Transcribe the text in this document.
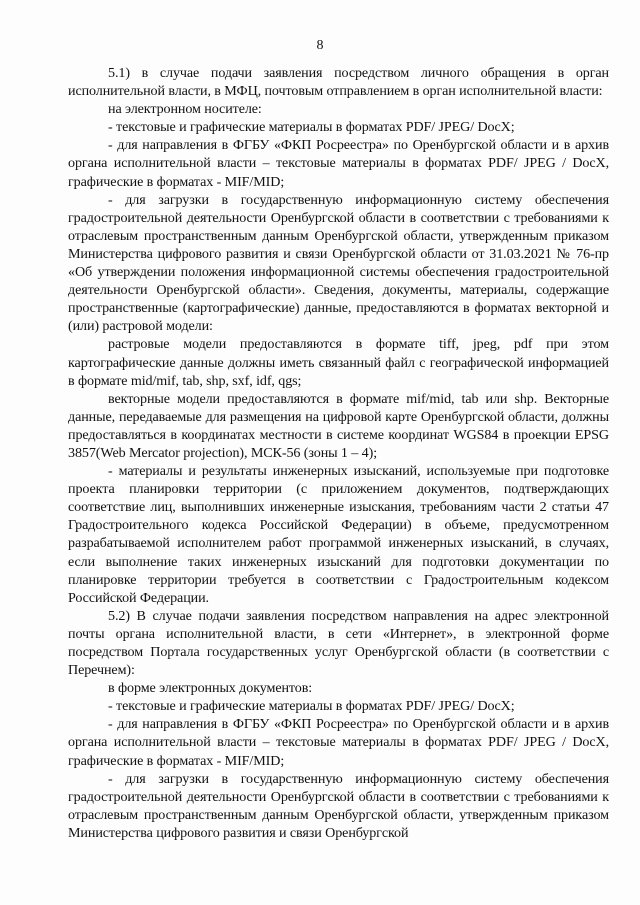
8

5.1) в случае подачи заявления посредством личного обращения в орган исполнительной власти, в МФЦ, почтовым отправлением в орган исполнительной власти:

на электронном носителе:

- текстовые и графические материалы в форматах PDF/ JPEG/ DocX;

- для направления в ФГБУ «ФКП Росреестра» по Оренбургской области и в архив органа исполнительной власти – текстовые материалы в форматах PDF/ JPEG / DocX, графические в форматах - MIF/MID;

- для загрузки в государственную информационную систему обеспечения градостроительной деятельности Оренбургской области в соответствии с требованиями к отраслевым пространственным данным Оренбургской области, утвержденным приказом Министерства цифрового развития и связи Оренбургской области от 31.03.2021 № 76-пр «Об утверждении положения информационной системы обеспечения градостроительной деятельности Оренбургской области». Сведения, документы, материалы, содержащие пространственные (картографические) данные, предоставляются в форматах векторной и (или) растровой модели:

растровые модели предоставляются в формате tiff, jpeg, pdf при этом картографические данные должны иметь связанный файл с географической информацией в формате mid/mif, tab, shp, sxf, idf, qgs;

векторные модели предоставляются в формате mif/mid, tab или shp. Векторные данные, передаваемые для размещения на цифровой карте Оренбургской области, должны предоставляться в координатах местности в системе координат WGS84 в проекции EPSG 3857(Web Mercator projection), МСК-56 (зоны 1 – 4);

- материалы и результаты инженерных изысканий, используемые при подготовке проекта планировки территории (с приложением документов, подтверждающих соответствие лиц, выполнивших инженерные изыскания, требованиям части 2 статьи 47 Градостроительного кодекса Российской Федерации) в объеме, предусмотренном разрабатываемой исполнителем работ программой инженерных изысканий, в случаях, если выполнение таких инженерных изысканий для подготовки документации по планировке территории требуется в соответствии с Градостроительным кодексом Российской Федерации.

5.2) В случае подачи заявления посредством направления на адрес электронной почты органа исполнительной власти, в сети «Интернет», в электронной форме посредством Портала государственных услуг Оренбургской области (в соответствии с Перечнем):

в форме электронных документов:

- текстовые и графические материалы в форматах PDF/ JPEG/ DocX;

- для направления в ФГБУ «ФКП Росреестра» по Оренбургской области и в архив органа исполнительной власти – текстовые материалы в форматах PDF/ JPEG / DocX, графические в форматах - MIF/MID;

- для загрузки в государственную информационную систему обеспечения градостроительной деятельности Оренбургской области в соответствии с требованиями к отраслевым пространственным данным Оренбургской области, утвержденным приказом Министерства цифрового развития и связи Оренбургской
